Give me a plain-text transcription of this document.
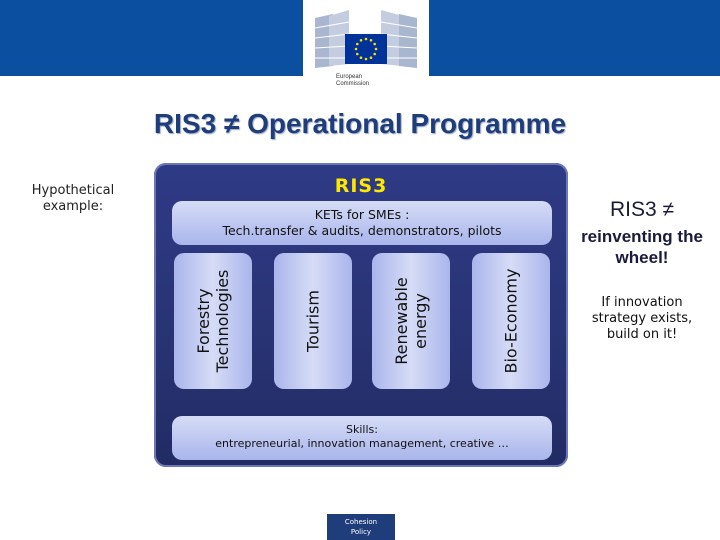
European Commission
RIS3 ≠ Operational Programme
Hypothetical example:
RIS3
KETs for SMEs :
Tech.transfer & audits, demonstrators, pilots
Forestry
Technologies	Tourism	Renewable
energy	Bio-Economy
Skills:
entrepreneurial, innovation management, creative …
RIS3 ≠
reinventing the wheel!
If innovation strategy exists, build on it!
Cohesion
Policy
